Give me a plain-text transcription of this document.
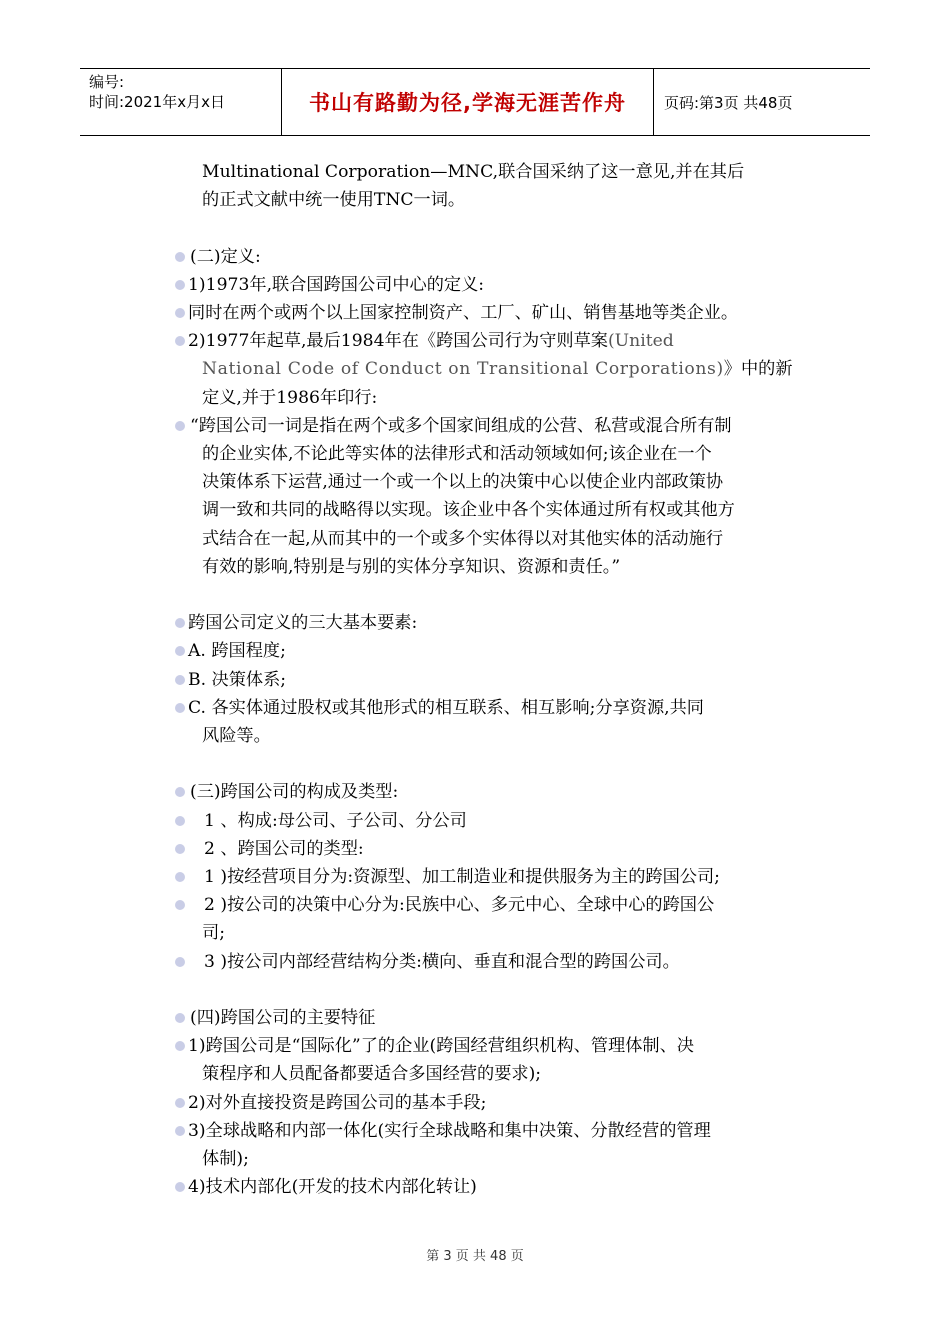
编号:
时间:2021年x月x日	书山有路勤为径,学海无涯苦作舟	页码:第3页 共48页

Multinational Corporation—MNC,联合国采纳了这一意见,并在其后

的正式文献中统一使用TNC一词。

(二)定义:

1)1973年,联合国跨国公司中心的定义:

同时在两个或两个以上国家控制资产、工厂、矿山、销售基地等类企业。

2)1977年起草,最后1984年在《跨国公司行为守则草案(United

National Code of Conduct on Transitional Corporations)》中的新

定义,并于1986年印行:

“跨国公司一词是指在两个或多个国家间组成的公营、私营或混合所有制

的企业实体,不论此等实体的法律形式和活动领域如何;该企业在一个

决策体系下运营,通过一个或一个以上的决策中心以使企业内部政策协

调一致和共同的战略得以实现。该企业中各个实体通过所有权或其他方

式结合在一起,从而其中的一个或多个实体得以对其他实体的活动施行

有效的影响,特别是与别的实体分享知识、资源和责任。”

跨国公司定义的三大基本要素:

A. 跨国程度;

B. 决策体系;

C. 各实体通过股权或其他形式的相互联系、相互影响;分享资源,共同

风险等。

(三)跨国公司的构成及类型:

1 、构成:母公司、子公司、分公司

2 、跨国公司的类型:

1 )按经营项目分为:资源型、加工制造业和提供服务为主的跨国公司;

2 )按公司的决策中心分为:民族中心、多元中心、全球中心的跨国公

司;

3 )按公司内部经营结构分类:横向、垂直和混合型的跨国公司。

(四)跨国公司的主要特征

1)跨国公司是“国际化”了的企业(跨国经营组织机构、管理体制、决

策程序和人员配备都要适合多国经营的要求);

2)对外直接投资是跨国公司的基本手段;

3)全球战略和内部一体化(实行全球战略和集中决策、分散经营的管理

体制);

4)技术内部化(开发的技术内部化转让)

第 3 页 共 48 页
